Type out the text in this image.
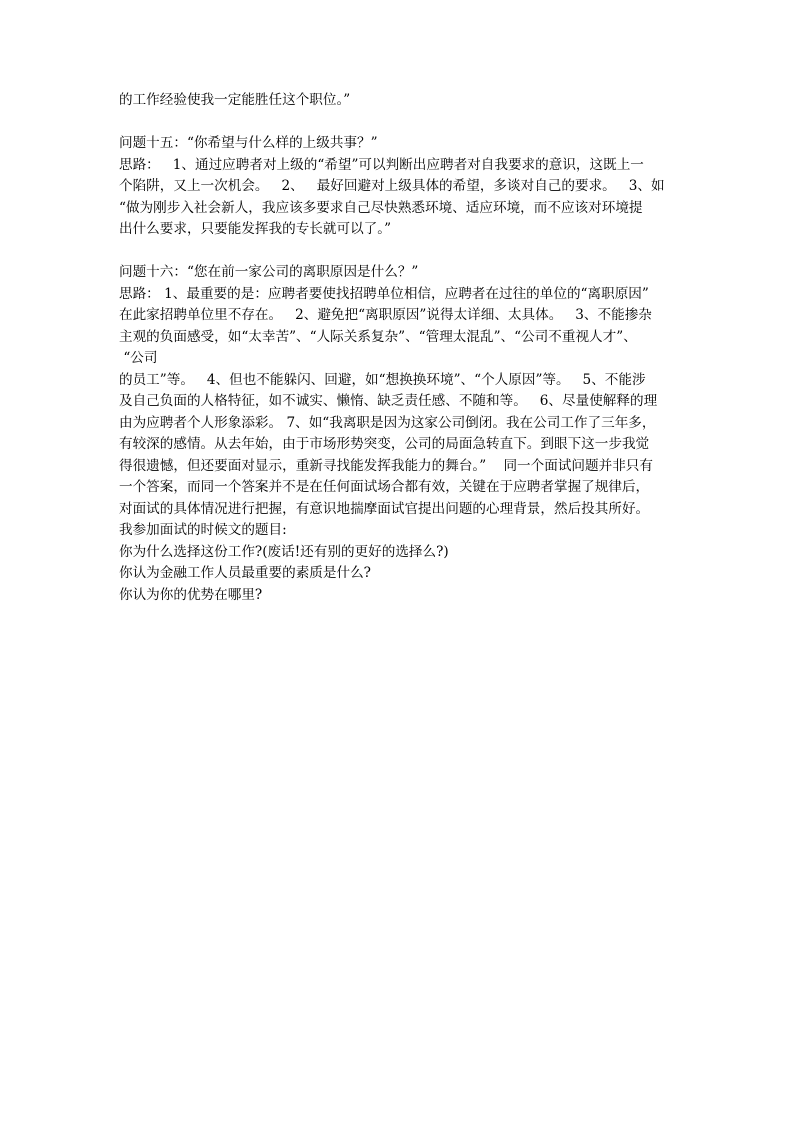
的工作经验使我一定能胜任这个职位。”
问题十五：“你希望与什么样的上级共事？”
思路：   1、通过应聘者对上级的“希望”可以判断出应聘者对自我要求的意识，这既上一
个陷阱，又上一次机会。   2、   最好回避对上级具体的希望，多谈对自己的要求。   3、如
“做为刚步入社会新人，我应该多要求自己尽快熟悉环境、适应环境，而不应该对环境提
出什么要求，只要能发挥我的专长就可以了。”
问题十六：“您在前一家公司的离职原因是什么？”
思路： 1、最重要的是：应聘者要使找招聘单位相信，应聘者在过往的单位的“离职原因”
在此家招聘单位里不存在。   2、避免把“离职原因”说得太详细、太具体。   3、不能掺杂
主观的负面感受，如“太幸苦”、“人际关系复杂”、“管理太混乱”、“公司不重视人才”、
“公司
的员工”等。   4、但也不能躲闪、回避，如“想换换环境”、“个人原因”等。   5、不能涉
及自己负面的人格特征，如不诚实、懒惰、缺乏责任感、不随和等。   6、尽量使解释的理
由为应聘者个人形象添彩。 7、如“我离职是因为这家公司倒闭。我在公司工作了三年多，
有较深的感情。从去年始，由于市场形势突变，公司的局面急转直下。到眼下这一步我觉
得很遗憾，但还要面对显示，重新寻找能发挥我能力的舞台。”    同一个面试问题并非只有
一个答案，而同一个答案并不是在任何面试场合都有效，关键在于应聘者掌握了规律后，
对面试的具体情况进行把握，有意识地揣摩面试官提出问题的心理背景，然后投其所好。
我参加面试的时候文的题目:
你为什么选择这份工作?(废话!还有别的更好的选择么?)
你认为金融工作人员最重要的素质是什么?
你认为你的优势在哪里?
